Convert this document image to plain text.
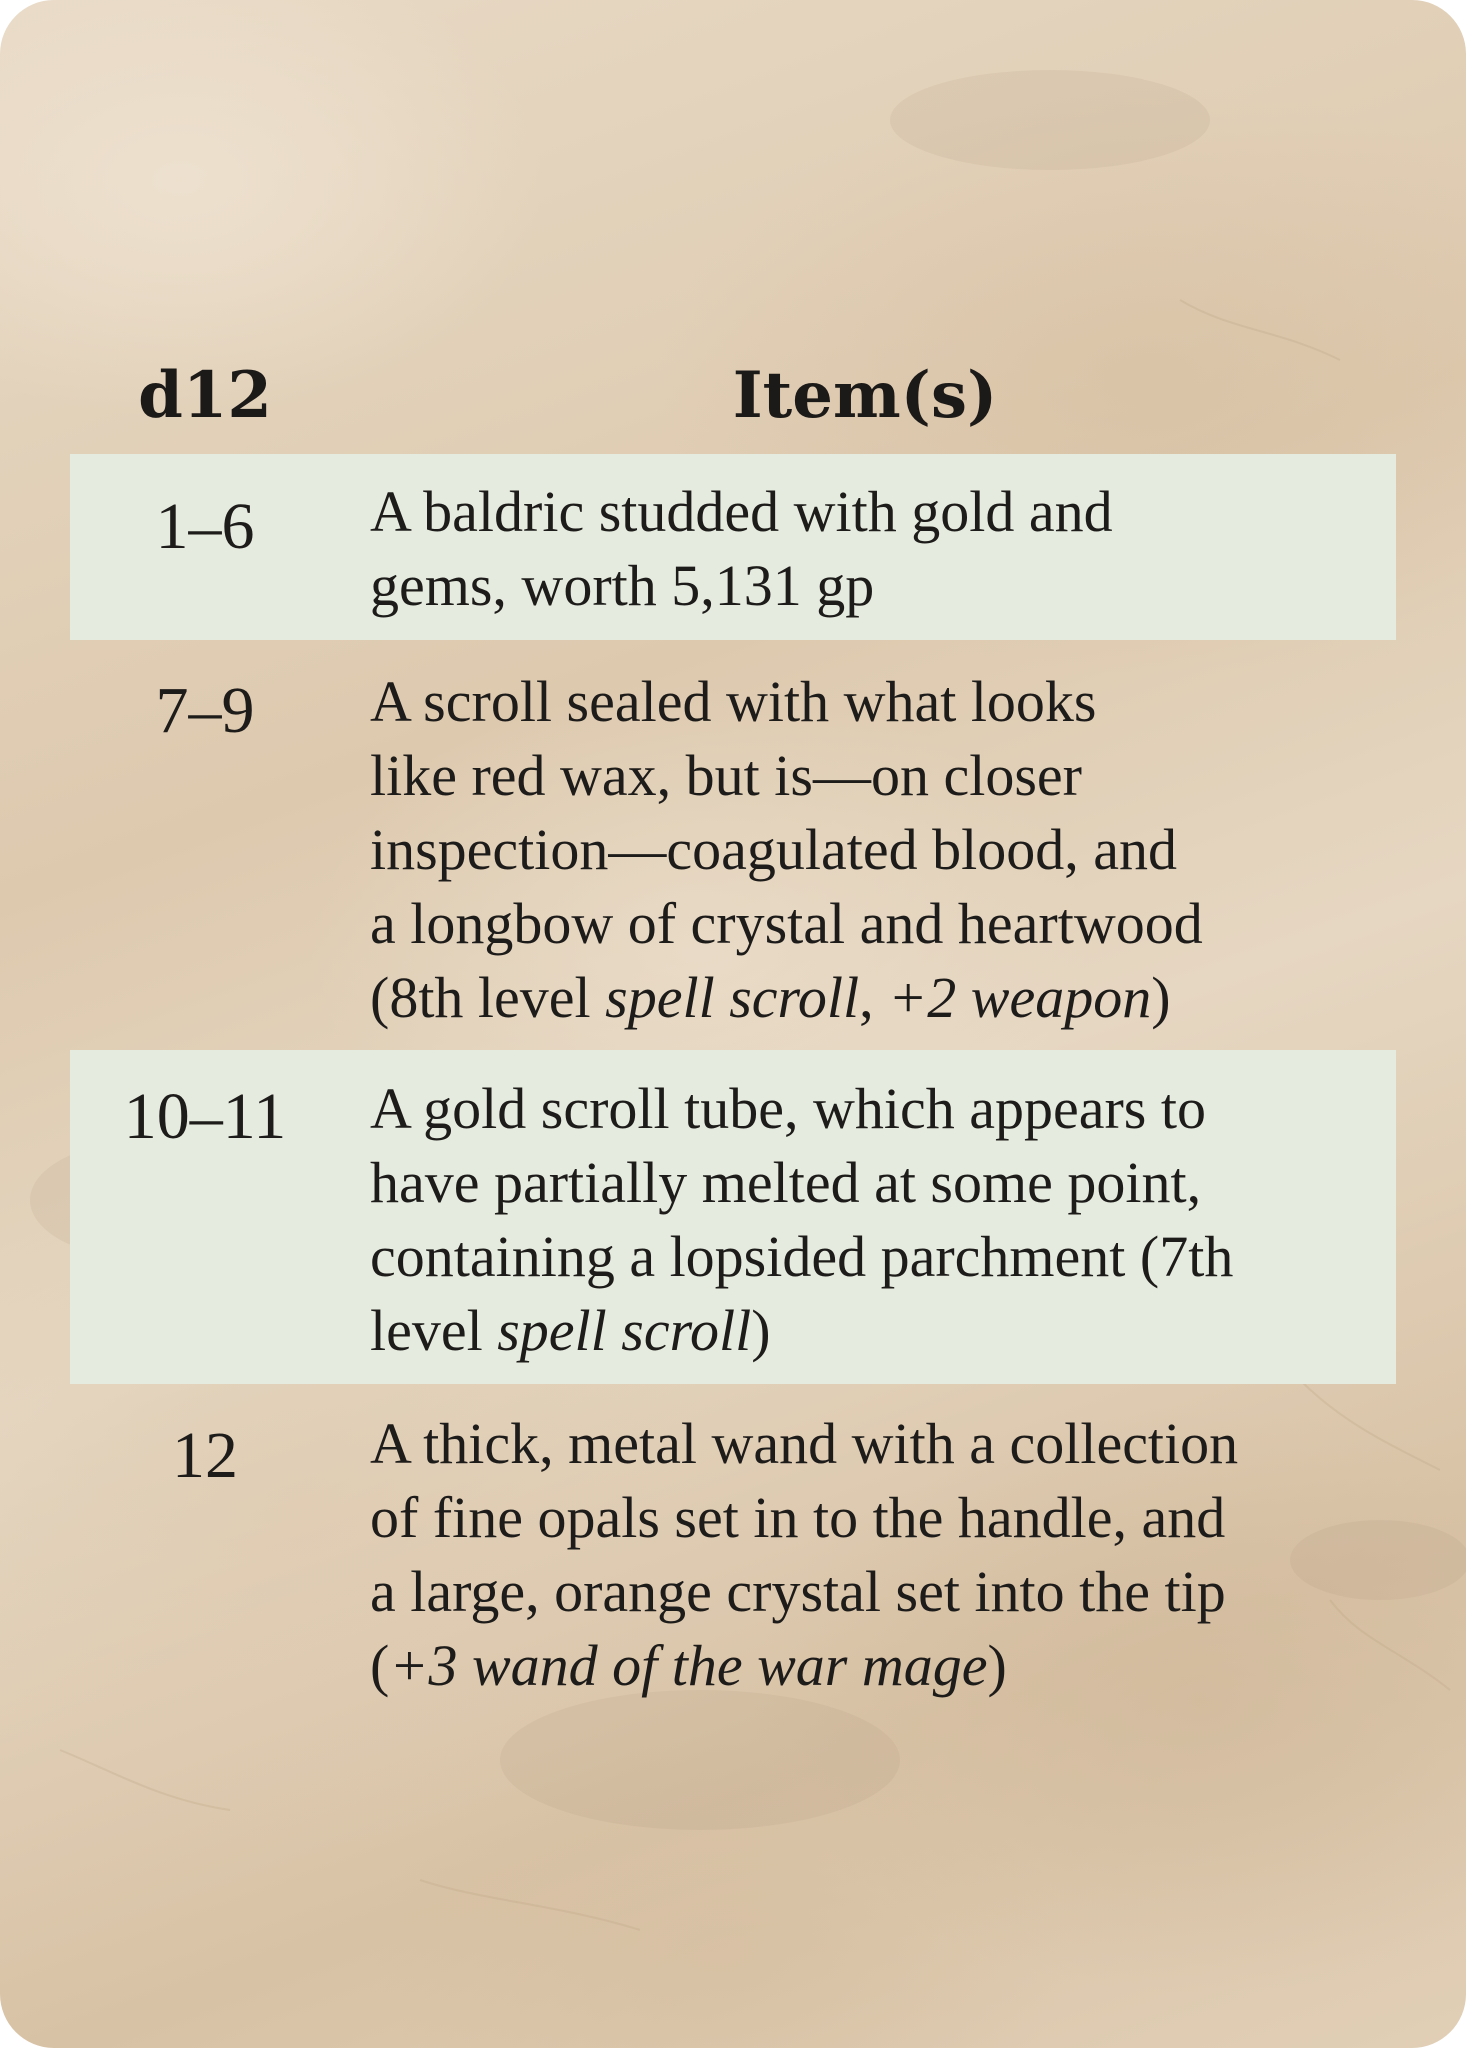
d12	Item(s)
1–6	A baldric studded with gold and
gems, worth 5,131 gp
7–9	A scroll sealed with what looks
like red wax, but is—on closer
inspection—coagulated blood, and
a longbow of crystal and heartwood
(8th level spell scroll, +2 weapon)
10–11	A gold scroll tube, which appears to
have partially melted at some point,
containing a lopsided parchment (7th
level spell scroll)
12	A thick, metal wand with a collection
of fine opals set in to the handle, and
a large, orange crystal set into the tip
(+3 wand of the war mage)
